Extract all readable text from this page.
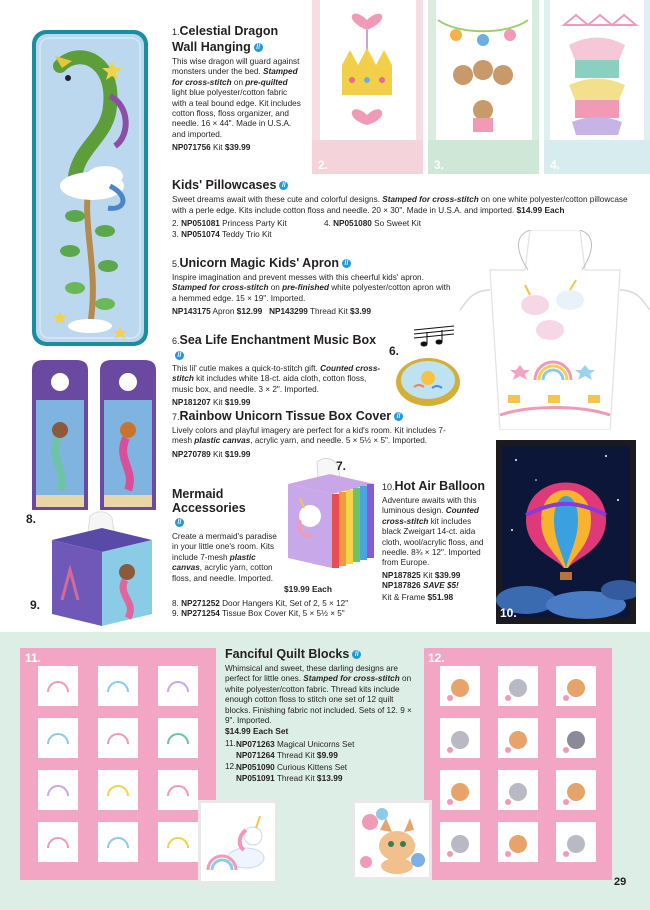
1.
2.	3.	4.
1.Celestial Dragon Wall Hanging //
This wise dragon will guard against monsters under the bed. Stamped for cross-stitch on pre-quilted light blue polyester/cotton fabric with a teal bound edge. Kit includes cotton floss, floss organizer, and needle. 16 × 44". Made in U.S.A. and imported.
NP071756 Kit $39.99
Kids' Pillowcases //
Sweet dreams await with these cute and colorful designs. Stamped for cross-stitch on one white polyester/cotton pillowcase with a perle edge. Kits include cotton floss and needle. 20 × 30". Made in U.S.A. and imported. $14.99 Each
2. NP051081 Princess Party Kit
3. NP051074 Teddy Trio Kit
4. NP051080 So Sweet Kit
5.
5.Unicorn Magic Kids' Apron //
Inspire imagination and prevent messes with this cheerful kids' apron. Stamped for cross-stitch on pre-finished white polyester/cotton apron with a hemmed edge. 15 × 19". Imported.
NP143175 Apron $12.99 NP143299 Thread Kit $3.99
6.
6.Sea Life Enchantment Music Box//
This lil' cutie makes a quick-to-stitch gift. Counted cross-stitch kit includes white 18-ct. aida cloth, cotton floss, music box, and needle. 3 × 2". Imported.
NP181207 Kit $19.99
8.
9.
7.Rainbow Unicorn Tissue Box Cover //
Lively colors and playful imagery are perfect for a kid's room. Kit includes 7-mesh plastic canvas, acrylic yarn, and needle. 5 × 5½ × 5". Imported.
NP270789 Kit $19.99
7.
Mermaid Accessories//
Create a mermaid's paradise in your little one's room. Kits include 7-mesh plastic canvas, acrylic yarn, cotton floss, and needle. Imported.
$19.99 Each
8. NP271252 Door Hangers Kit, Set of 2, 5 × 12"
9. NP271254 Tissue Box Cover Kit, 5 × 5½ × 5"
10.Hot Air Balloon
Adventure awaits with this luminous design. Counted cross-stitch kit includes black Zweigart 14-ct. aida cloth, wool/acrylic floss, and needle. 8¾ × 12". Imported from Europe.
NP187825 Kit $39.99
NP187826 SAVE $5!
Kit & Frame $51.98
10.
11.	Fanciful Quilt Blocks //
Whimsical and sweet, these darling designs are perfect for little ones. Stamped for cross-stitch on white polyester/cotton fabric. Thread kits include enough cotton floss to stitch one set of 12 quilt blocks. Finishing fabric not included. Sets of 12. 9 × 9". Imported.
$14.99 Each Set
11. NP071263 Magical Unicorns Set
NP071264 Thread Kit $9.99
12. NP051090 Curious Kittens Set
NP051091 Thread Kit $13.99
12.
29
